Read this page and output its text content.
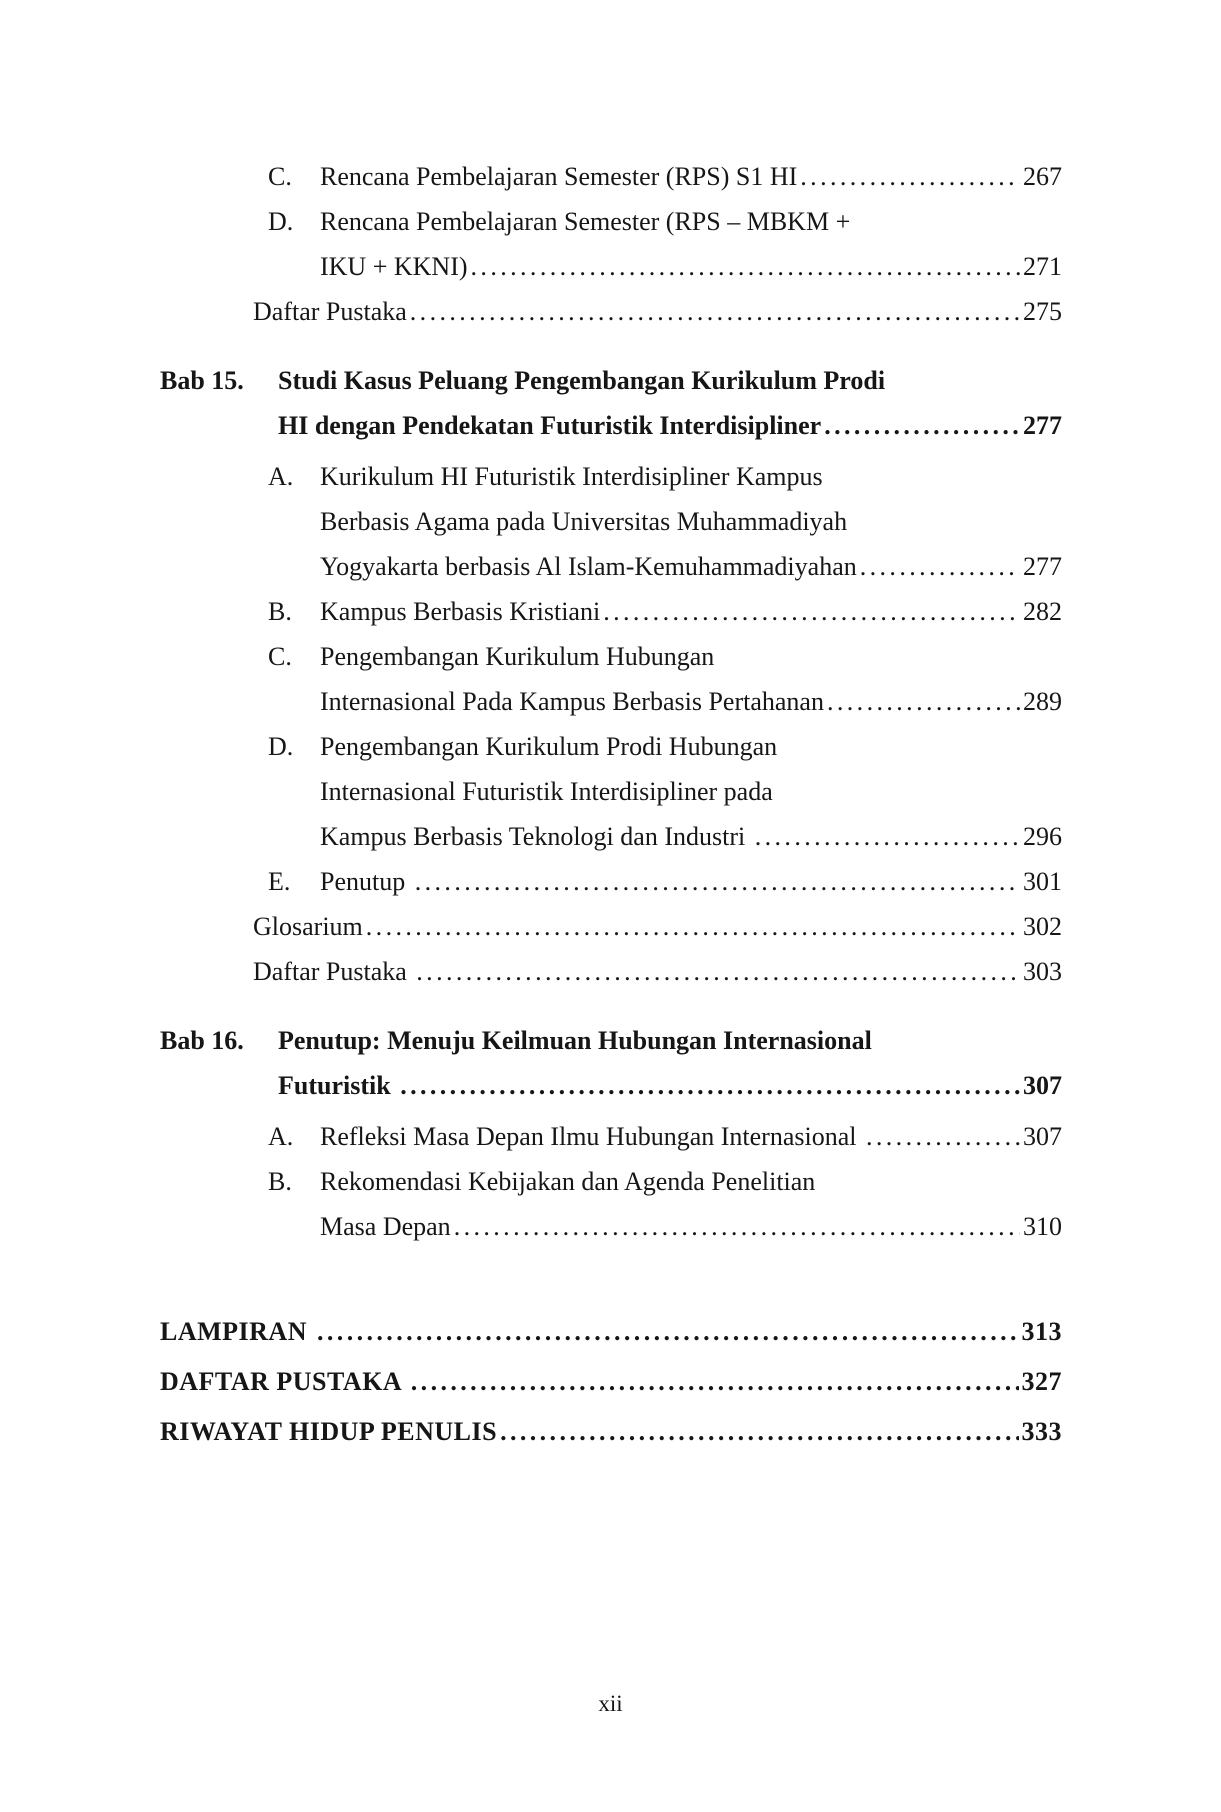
C.	Rencana Pembelajaran Semester (RPS) S1 HI .....	267
D.	Rencana Pembelajaran Semester (RPS – MBKM +
IKU + KKNI) .....	271
Daftar Pustaka .....	275
Bab 15.	Studi Kasus Peluang Pengembangan Kurikulum Prodi
HI dengan Pendekatan Futuristik Interdisipliner .....	277
A.	Kurikulum HI Futuristik Interdisipliner Kampus
Berbasis Agama pada Universitas Muhammadiyah
Yogyakarta berbasis Al Islam-Kemuhammadiyahan .....	277
B.	Kampus Berbasis Kristiani .....	282
C.	Pengembangan Kurikulum Hubungan
Internasional Pada Kampus Berbasis Pertahanan .....	289
D.	Pengembangan Kurikulum Prodi Hubungan
Internasional Futuristik Interdisipliner pada
Kampus Berbasis Teknologi dan Industri .....	296
E.	Penutup .....	301
Glosarium .....	302
Daftar Pustaka .....	303
Bab 16.	Penutup: Menuju Keilmuan Hubungan Internasional
Futuristik .....	307
A.	Refleksi Masa Depan Ilmu Hubungan Internasional .....	307
B.	Rekomendasi Kebijakan dan Agenda Penelitian
Masa Depan .....	310
LAMPIRAN .....	313
DAFTAR PUSTAKA .....	327
RIWAYAT HIDUP PENULIS .....	333
xii
